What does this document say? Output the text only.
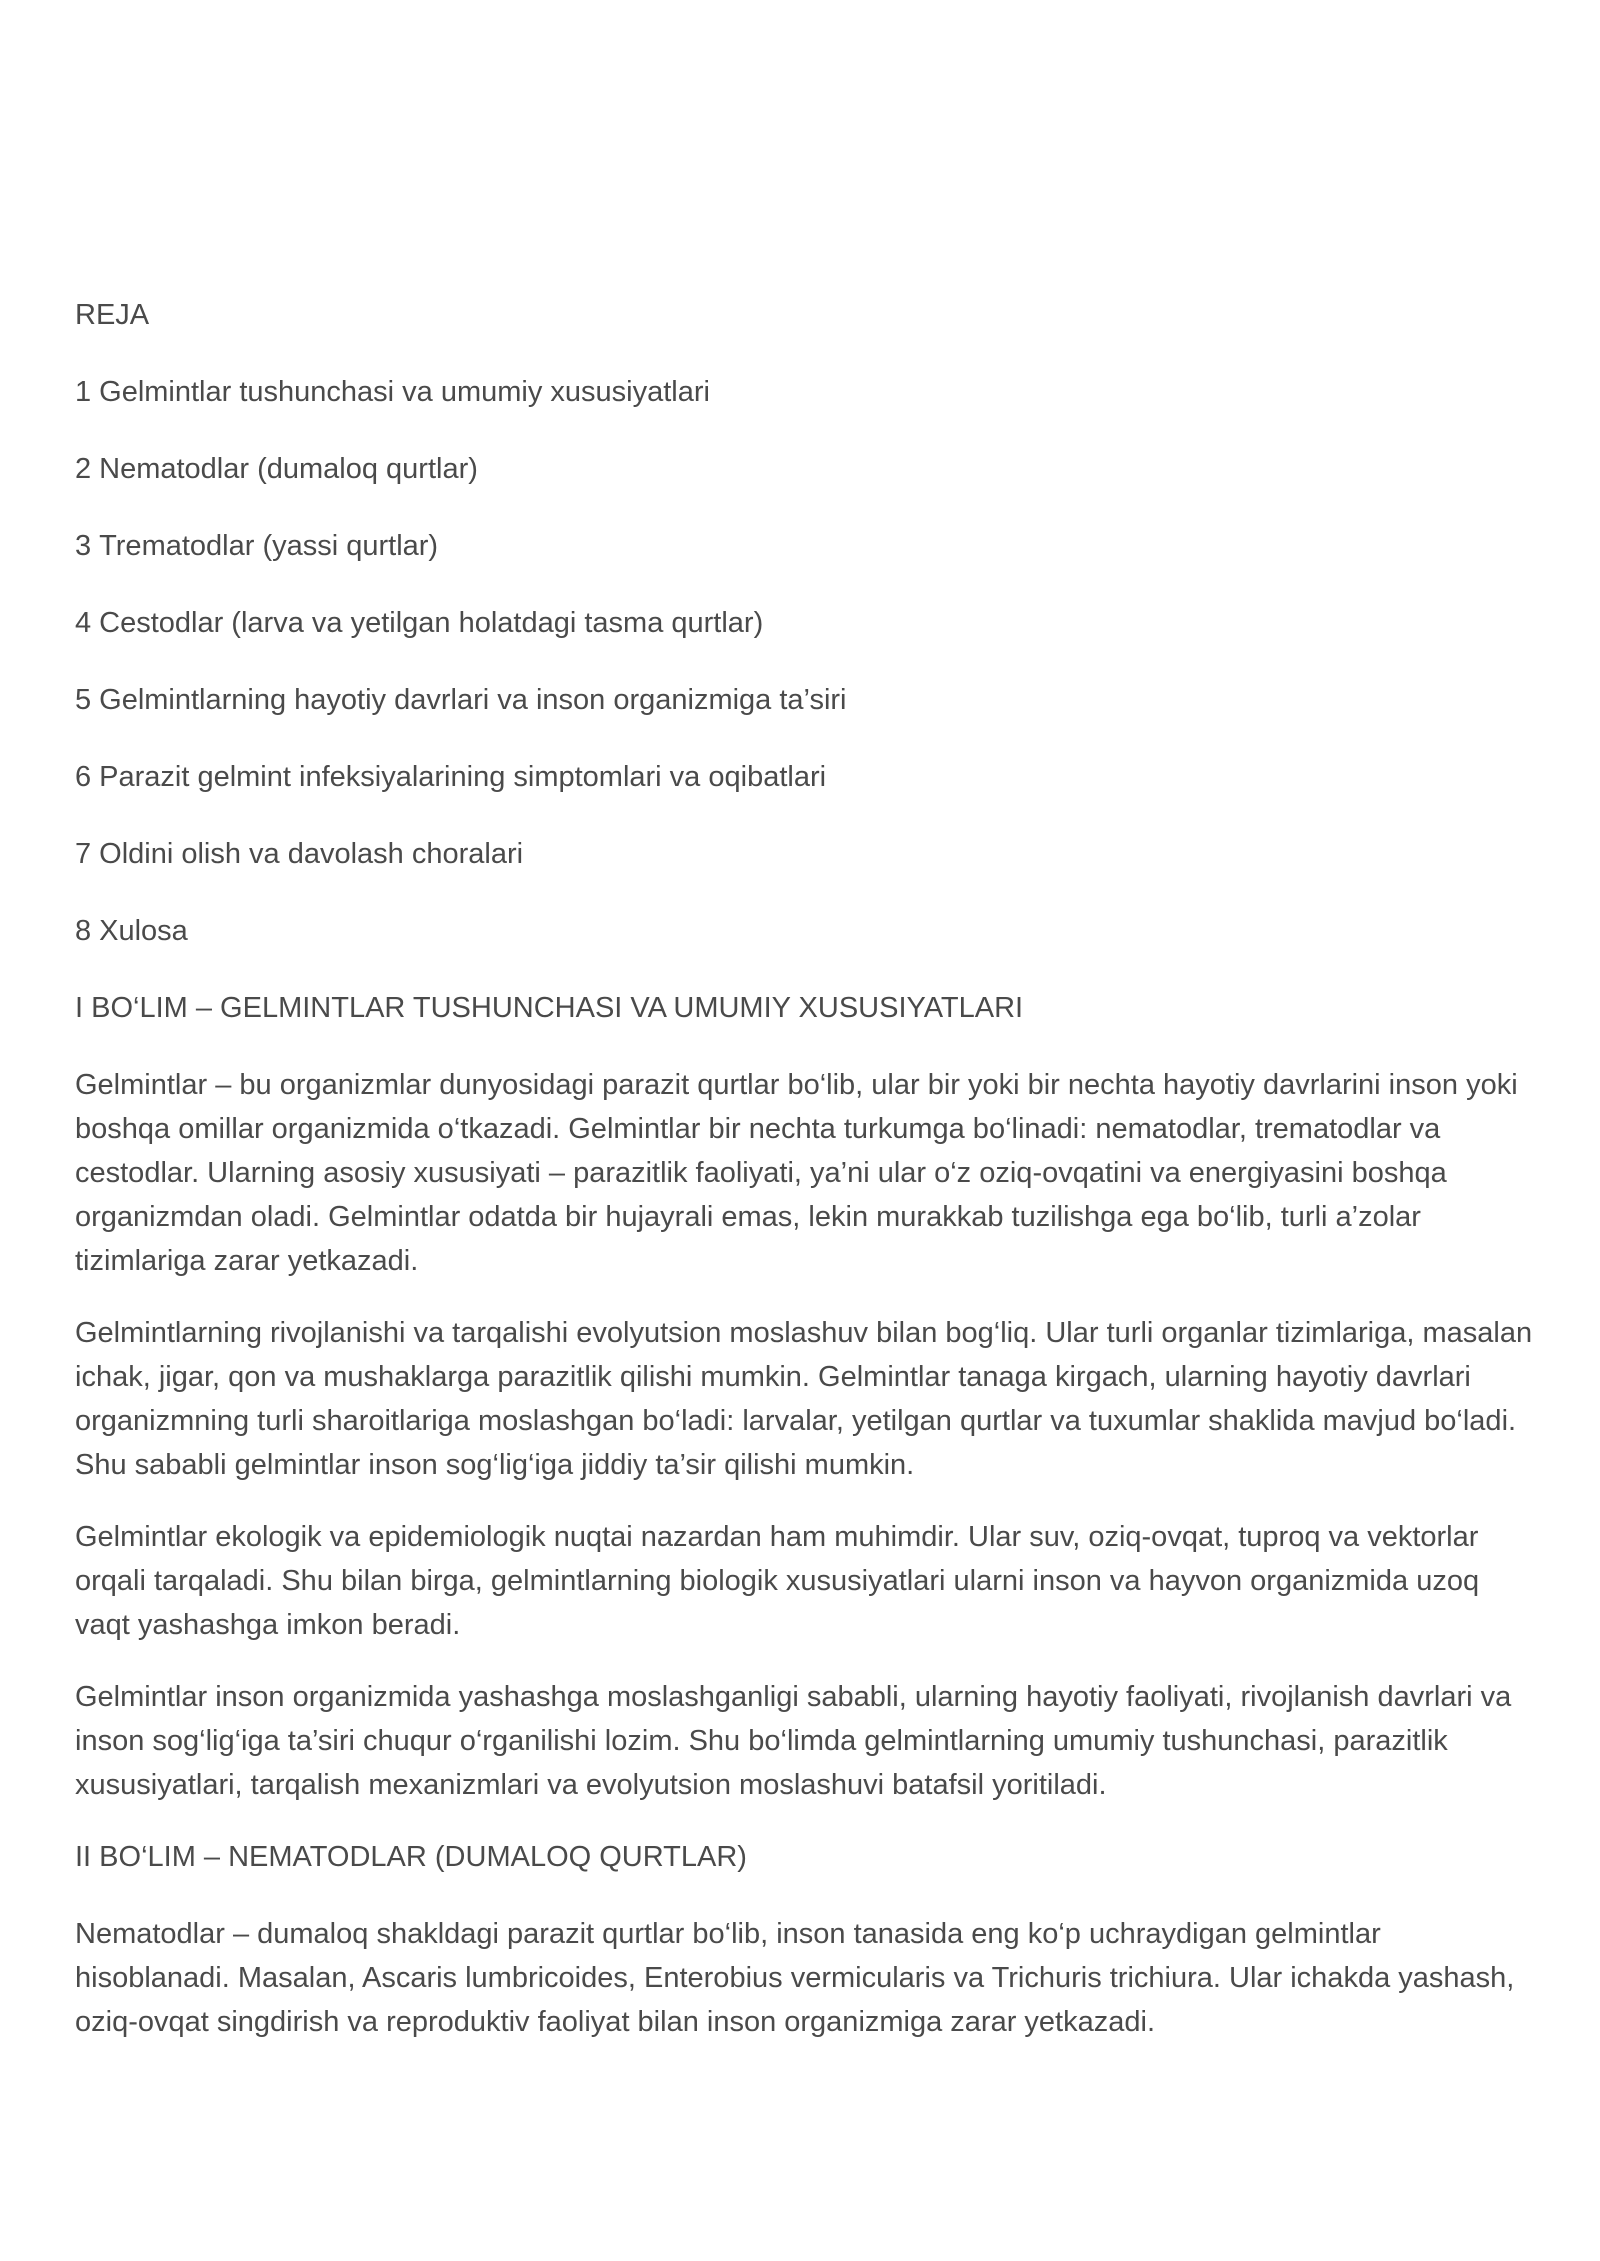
REJA
1 Gelmintlar tushunchasi va umumiy xususiyatlari
2 Nematodlar (dumaloq qurtlar)
3 Trematodlar (yassi qurtlar)
4 Cestodlar (larva va yetilgan holatdagi tasma qurtlar)
5 Gelmintlarning hayotiy davrlari va inson organizmiga ta’siri
6 Parazit gelmint infeksiyalarining simptomlari va oqibatlari
7 Oldini olish va davolash choralari
8 Xulosa
I BO‘LIM – GELMINTLAR TUSHUNCHASI VA UMUMIY XUSUSIYATLARI

Gelmintlar – bu organizmlar dunyosidagi parazit qurtlar bo‘lib, ular bir yoki bir nechta hayotiy davrlarini inson yoki boshqa omillar organizmida o‘tkazadi. Gelmintlar bir nechta turkumga bo‘linadi: nematodlar, trematodlar va cestodlar. Ularning asosiy xususiyati – parazitlik faoliyati, ya’ni ular o‘z oziq-ovqatini va energiyasini boshqa organizmdan oladi. Gelmintlar odatda bir hujayrali emas, lekin murakkab tuzilishga ega bo‘lib, turli a’zolar tizimlariga zarar yetkazadi.

Gelmintlarning rivojlanishi va tarqalishi evolyutsion moslashuv bilan bog‘liq. Ular turli organlar tizimlariga, masalan ichak, jigar, qon va mushaklarga parazitlik qilishi mumkin. Gelmintlar tanaga kirgach, ularning hayotiy davrlari organizmning turli sharoitlariga moslashgan bo‘ladi: larvalar, yetilgan qurtlar va tuxumlar shaklida mavjud bo‘ladi. Shu sababli gelmintlar inson sog‘lig‘iga jiddiy ta’sir qilishi mumkin.

Gelmintlar ekologik va epidemiologik nuqtai nazardan ham muhimdir. Ular suv, oziq-ovqat, tuproq va vektorlar orqali tarqaladi. Shu bilan birga, gelmintlarning biologik xususiyatlari ularni inson va hayvon organizmida uzoq vaqt yashashga imkon beradi.

Gelmintlar inson organizmida yashashga moslashganligi sababli, ularning hayotiy faoliyati, rivojlanish davrlari va inson sog‘lig‘iga ta’siri chuqur o‘rganilishi lozim. Shu bo‘limda gelmintlarning umumiy tushunchasi, parazitlik xususiyatlari, tarqalish mexanizmlari va evolyutsion moslashuvi batafsil yoritiladi.

II BO‘LIM – NEMATODLAR (DUMALOQ QURTLAR)

Nematodlar – dumaloq shakldagi parazit qurtlar bo‘lib, inson tanasida eng ko‘p uchraydigan gelmintlar hisoblanadi. Masalan, Ascaris lumbricoides, Enterobius vermicularis va Trichuris trichiura. Ular ichakda yashash, oziq-ovqat singdirish va reproduktiv faoliyat bilan inson organizmiga zarar yetkazadi.
